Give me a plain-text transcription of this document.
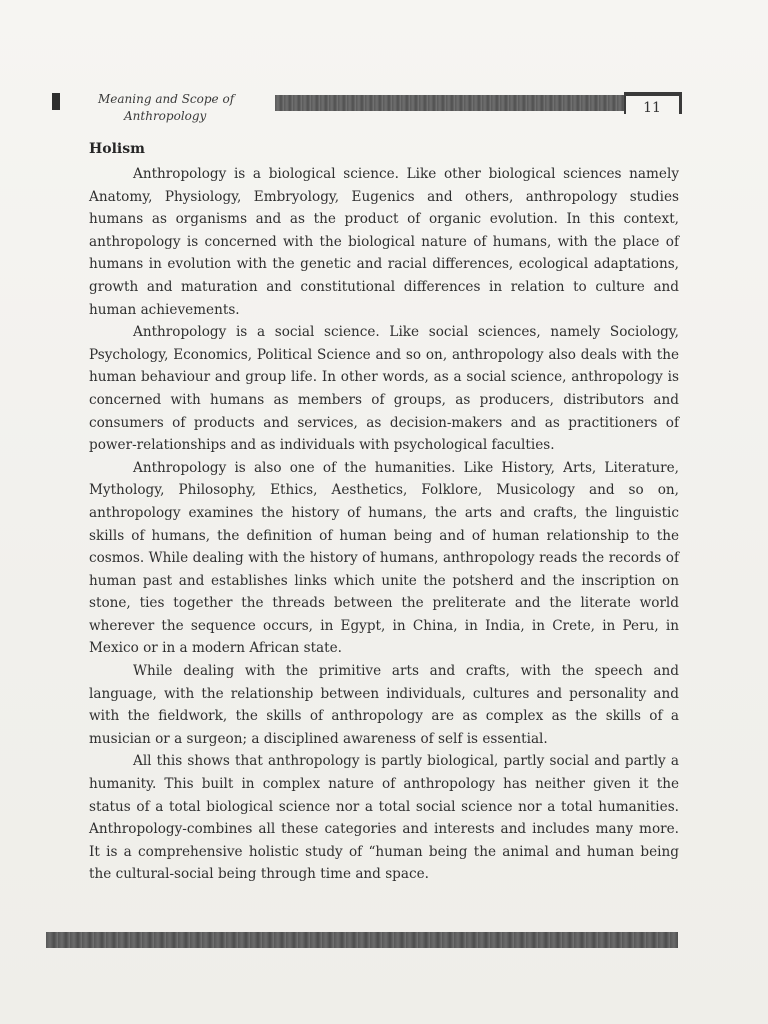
Meaning and Scope of
Anthropology	11
Holism

Anthropology is a biological science. Like other biological sciences namely Anatomy, Physiology, Embryology, Eugenics and others, anthropology studies humans as organisms and as the product of organic evolution. In this context, anthropology is concerned with the biological nature of humans, with the place of humans in evolution with the genetic and racial differences, ecological adaptations, growth and maturation and constitutional differences in relation to culture and human achievements.

Anthropology is a social science. Like social sciences, namely Sociology, Psychology, Economics, Political Science and so on, anthropology also deals with the human behaviour and group life. In other words, as a social science, anthropology is concerned with humans as members of groups, as producers, distributors and consumers of products and services, as decision-makers and as practitioners of power-relationships and as individuals with psychological faculties.

Anthropology is also one of the humanities. Like History, Arts, Literature, Mythology, Philosophy, Ethics, Aesthetics, Folklore, Musicology and so on, anthropology examines the history of humans, the arts and crafts, the linguistic skills of humans, the definition of human being and of human relationship to the cosmos. While dealing with the history of humans, anthropology reads the records of human past and establishes links which unite the potsherd and the inscription on stone, ties together the threads between the preliterate and the literate world wherever the sequence occurs, in Egypt, in China, in India, in Crete, in Peru, in Mexico or in a modern African state.

While dealing with the primitive arts and crafts, with the speech and language, with the relationship between individuals, cultures and personality and with the fieldwork, the skills of anthropology are as complex as the skills of a musician or a surgeon; a disciplined awareness of self is essential.

All this shows that anthropology is partly biological, partly social and partly a humanity. This built in complex nature of anthropology has neither given it the status of a total biological science nor a total social science nor a total humanities. Anthropology-combines all these categories and interests and includes many more. It is a comprehensive holistic study of “human being the animal and human being the cultural-social being through time and space.
